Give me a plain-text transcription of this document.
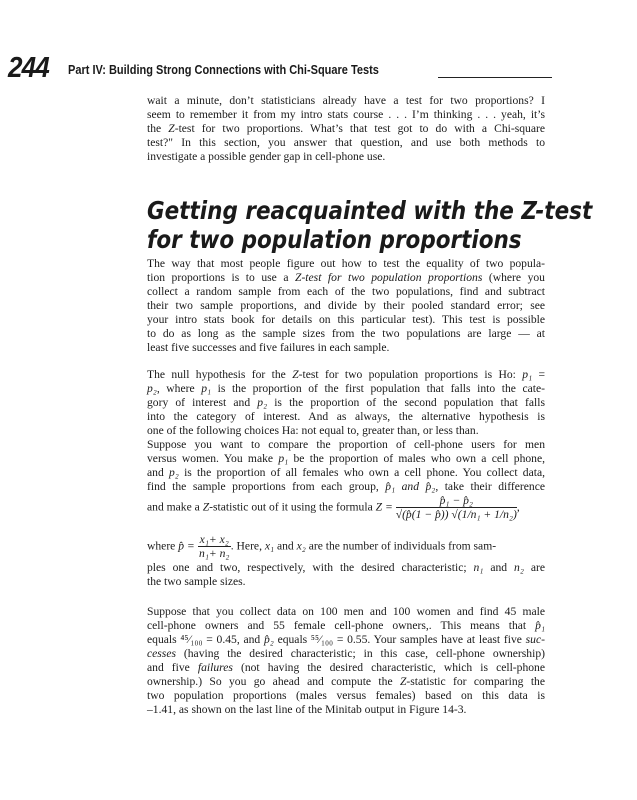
244 Part IV: Building Strong Connections with Chi-Square Tests
Getting reacquainted with the Z-test
for two population proportions
wait a minute, don’t statisticians already have a test for two proportions? I
seem to remember it from my intro stats course . . . I’m thinking . . . yeah, it’s
the Z-test for two proportions. What’s that test got to do with a Chi-square
test?" In this section, you answer that question, and use both methods to
investigate a possible gender gap in cell-phone use.
The way that most people figure out how to test the equality of two popula-
tion proportions is to use a Z-test for two population proportions (where you
collect a random sample from each of the two populations, find and subtract
their two sample proportions, and divide by their pooled standard error; see
your intro stats book for details on this particular test). This test is possible
to do as long as the sample sizes from the two populations are large — at
least five successes and five failures in each sample.
The null hypothesis for the Z-test for two population proportions is Ho: p₁ =
p₂, where p₁ is the proportion of the first population that falls into the cate-
gory of interest and p₂ is the proportion of the second population that falls
into the category of interest. And as always, the alternative hypothesis is
one of the following choices Ha: not equal to, greater than, or less than.
Suppose you want to compare the proportion of cell-phone users for men
versus women. You make p₁ be the proportion of males who own a cell phone,
and p₂ is the proportion of all females who own a cell phone. You collect data,
find the sample proportions from each group, p̂₁ and p̂₂, take their difference
ples one and two, respectively, with the desired characteristic; n₁ and n₂ are
the two sample sizes.
Suppose that you collect data on 100 men and 100 women and find 45 male
cell-phone owners and 55 female cell-phone owners,. This means that p̂₁
equals ⁴⁵⁄₁₀₀ = 0.45, and p̂₂ equals ⁵⁵⁄₁₀₀ = 0.55. Your samples have at least five suc-
cesses (having the desired characteristic; in this case, cell-phone ownership)
and five failures (not having the desired characteristic, which is cell-phone
ownership.) So you go ahead and compute the Z-statistic for comparing the
two population proportions (males versus females) based on this data is
–1.41, as shown on the last line of the Minitab output in Figure 14-3.
and make a Z-statistic out of it using the formula $Z = \frac{\text{p̂₁ − p̂₂}}{\text{√(p̂(1 − p̂)) √(1/n₁ + 1/n₂)}}$ ,
where p̂ = $\frac{\text{x₁+ x₂}}{\text{n₁+ n₂}}$ . Here, x₁ and x₂ are the number of individuals from sam-
